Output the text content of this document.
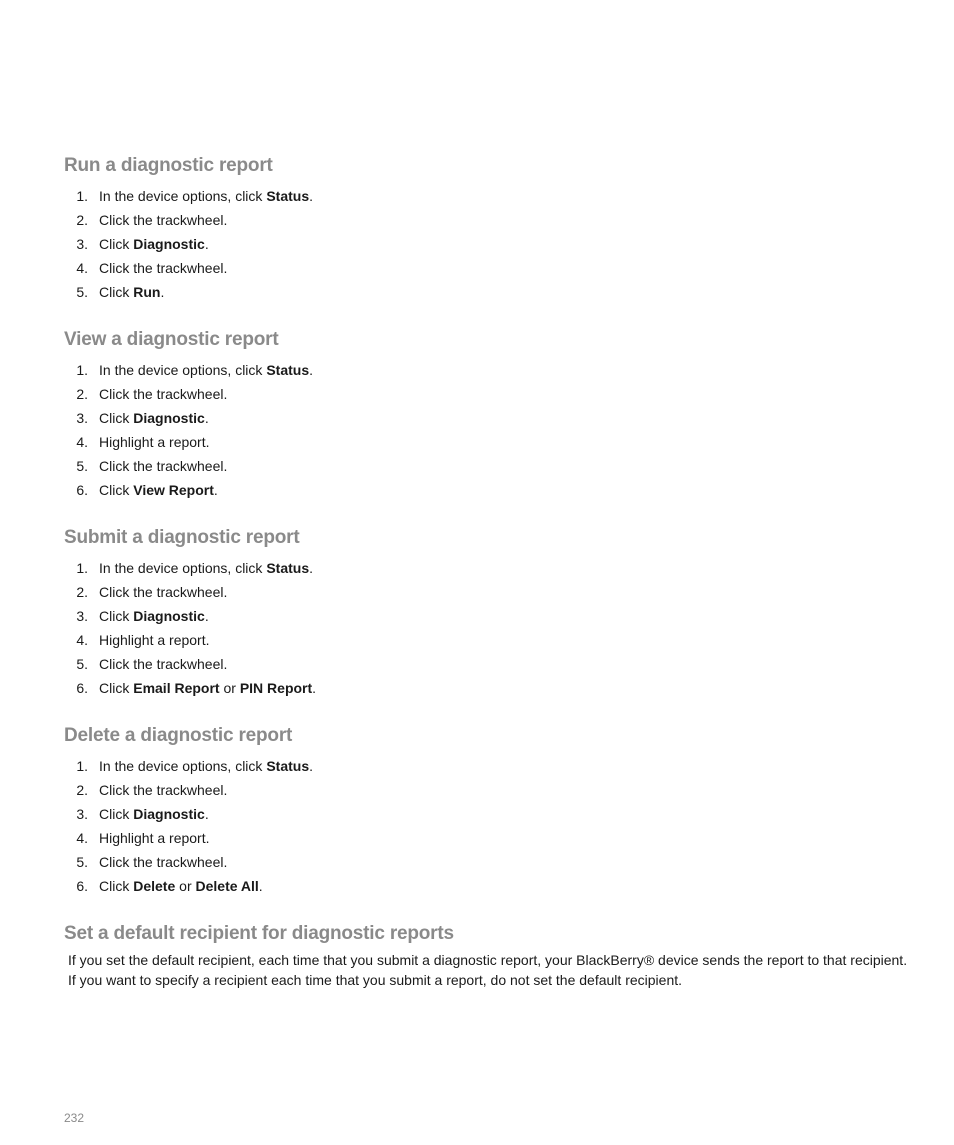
Run a diagnostic report
1. In the device options, click Status.
2. Click the trackwheel.
3. Click Diagnostic.
4. Click the trackwheel.
5. Click Run.
View a diagnostic report
1. In the device options, click Status.
2. Click the trackwheel.
3. Click Diagnostic.
4. Highlight a report.
5. Click the trackwheel.
6. Click View Report.
Submit a diagnostic report
1. In the device options, click Status.
2. Click the trackwheel.
3. Click Diagnostic.
4. Highlight a report.
5. Click the trackwheel.
6. Click Email Report or PIN Report.
Delete a diagnostic report
1. In the device options, click Status.
2. Click the trackwheel.
3. Click Diagnostic.
4. Highlight a report.
5. Click the trackwheel.
6. Click Delete or Delete All.
Set a default recipient for diagnostic reports
If you set the default recipient, each time that you submit a diagnostic report, your BlackBerry® device sends the report to that recipient.
If you want to specify a recipient each time that you submit a report, do not set the default recipient.
232
